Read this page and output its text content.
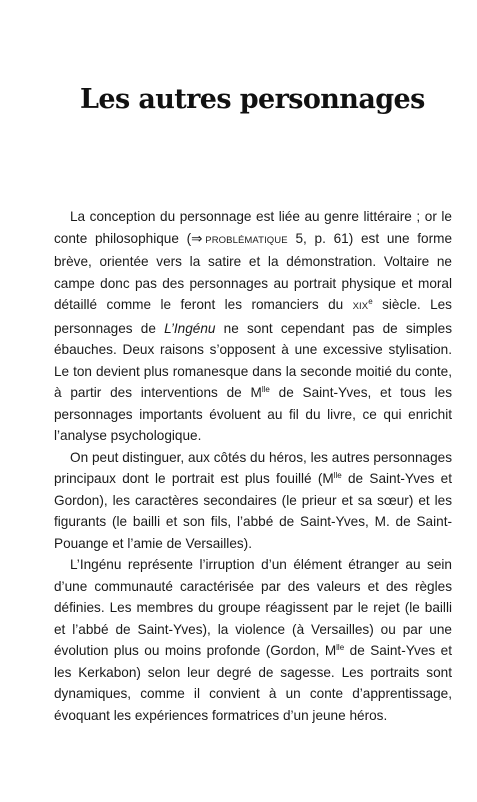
Les autres personnages

La conception du personnage est liée au genre littéraire ; or le conte philosophique (⇒  PROBLÉMATIQUE 5, p. 61) est une forme brève, orientée vers la satire et la démonstration. Voltaire ne campe donc pas des personnages au portrait physique et moral détaillé comme le feront les romanciers du XIXe siècle. Les personnages de L’Ingénu ne sont cependant pas de simples ébauches. Deux raisons s’opposent à une excessive stylisation. Le ton devient plus romanesque dans la seconde moitié du conte, à partir des interventions de $M^{lle}$ de Saint-Yves, et tous les personnages importants évoluent au fil du livre, ce qui enrichit l’analyse psychologique.

On peut distinguer, aux côtés du héros, les autres personnages principaux dont le portrait est plus fouillé ($M^{lle}$ de Saint-Yves et Gordon), les caractères secondaires (le prieur et sa sœur) et les figurants (le bailli et son fils, l’abbé de Saint-Yves, M. de Saint-Pouange et l’amie de Versailles).

L’Ingénu représente l’irruption d’un élément étranger au sein d’une communauté caractérisée par des valeurs et des règles définies. Les membres du groupe réagissent par le rejet (le bailli et l’abbé de Saint-Yves), la violence (à Versailles) ou par une évolution plus ou moins profonde (Gordon, $M^{lle}$ de Saint-Yves et les Kerkabon) selon leur degré de sagesse. Les portraits sont dynamiques, comme il convient à un conte d’apprentissage, évoquant les expériences formatrices d’un jeune héros.
